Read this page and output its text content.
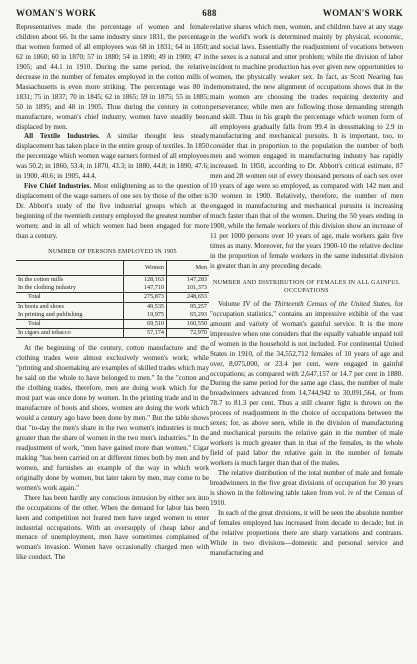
WOMAN'S WORK	688	WOMAN'S WORK

Representatives made the percentage of women and female children about 66. In the same industry since 1831, the percentage that women formed of all employees was 68 in 1831; 64 in 1850; 62 in 1860; 60 in 1870; 57 in 1880; 54 in 1890; 49 in 1900; 47 in 1905; and 44.1 in 1910. During the same period, the relative decrease in the number of females employed in the cotton mills of Massachusetts is even more striking. The percentage was 80 in 1831; 75 in 1837; 70 in 1845; 62 in 1865; 59 in 1875; 55 in 1885; 50 in 1895; and 48 in 1905. Thus during the century in cotton manufacture, woman's chief industry, women have steadily been displaced by men.

All Textile Industries. A similar thought less steady displacement has taken place in the entire group of textiles. In 1850 the percentage which women wage earners formed of all employees was 50.2; in 1860, 53.4; in 1870, 43.3; in 1880, 44.8; in 1890, 47.6; in 1900, 40.6; in 1905, 44.4.

Five Chief Industries. Most enlightening as to the question of displacement of the wage earners of one sex by those of the other is Dr. Abbott's study of the five industrial groups which at the beginning of the twentieth century employed the greatest number of women; and in all of which women had been engaged for more than a century.

NUMBER OF PERSONS EMPLOYED IN 1905
	Women	Men
In the cotton mills	128,163	147,283
In the clothing industry	147,710	101,373
Total	275,873	248,653
In boots and shoes	49,535	95,257
In printing and publishing	19,975	65,293
Total	69,510	160,550
In cigars and tobacco	57,174	72,970

At the beginning of the century, cotton manufacture and the clothing trades were almost exclusively women's work; while "printing and shoemaking are examples of skilled trades which may be said on the whole to have belonged to men." In the "cotton and the clothing trades, therefore, men are doing work which for the most part was once done by women. In the printing trade and in the manufacture of boots and shoes, women are doing the work which would a century ago have been done by men." But the table shows that "to-day the men's share in the two women's industries is much greater than the share of women in the two men's industries." In the readjustment of work, "men have gained more than women." Cigar making "has been carried on at different times both by men and by women, and furnishes an example of the way in which work originally done by women, but later taken by men, may come to be women's work again."

There has been hardly any conscious intrusion by either sex into the occupations of the other. When the demand for labor has been keen and competition not feared men have urged women to enter industrial occupations. With an oversupply of cheap labor and menace of unemployment, men have sometimes complained of woman's invasion. Women have occasionally charged men with like conduct. The

relative shares which men, women, and children have at any stage in the world's work is determined mainly by physical, economic, and social laws. Essentially the readjustment of vocations between the sexes is a natural and utter problem; while the division of labor incident to machine production has ever given new opportunities to women, the physically weaker sex. In fact, as Scott Nearing has demonstrated, the new alignment of occupations shows that in the main women are choosing the trades requiring dexterity and perseverance; while men are following those demanding strength and skill. Thus in his graph the percentage which women form of all employees gradually falls from 99.4 in dressmaking to 2.9 in manufacturing and mechanical pursuits. It is important, too, to consider that in proportion to the population the number of both men and women engaged in manufacturing industry has rapidly increased. In 1850, according to Dr. Abbott's critical estimate, 87 men and 28 women out of every thousand persons of each sex over 10 years of age were so employed, as compared with 142 men and 30 women in 1900. Relatively, therefore, the number of men engaged in manufacturing and mechanical pursuits is increasing much faster than that of the women. During the 50 years ending in 1900, while the female workers of this division show an increase of 11 per 1000 persons over 10 years of age, male workers gain five times as many. Moreover, for the years 1900-10 the relative decline in the proportion of female workers in the same industrial division is greater than in any preceding decade.

NUMBER AND DISTRIBUTION OF FEMALES IN ALL GAINFUL OCCUPATIONS

Volume IV of the Thirteenth Census of the United States, for "occupation statistics," contains an impressive exhibit of the vast amount and variety of woman's gainful service. It is the more impressive when one considers that the equally valuable unpaid toil of women in the household is not included. For continental United States in 1910, of the 34,552,712 females of 10 years of age and over, 8,075,000, or 23.4 per cent, were engaged in gainful occupations; as compared with 2,647,157 or 14.7 per cent in 1880. During the same period for the same age class, the number of male breadwinners advanced from 14,744,942 to 30,091,564, or from 78.7 to 81.3 per cent. Thus a still clearer light is thrown on the process of readjustment in the choice of occupations between the sexes; for, as above seen, while in the division of manufacturing and mechanical pursuits the relative gain in the number of male workers is much greater than in that of the females, in the whole field of paid labor the relative gain in the number of female workers is much larger than that of the males.

The relative distribution of the total number of male and female breadwinners in the five great divisions of occupation for 30 years is shown in the following table taken from vol. iv of the Census of 1910.

In each of the great divisions, it will be seen the absolute number of females employed has increased from decade to decade; but in the relative proportions there are sharp variations and contrasts. While in two divisions—domestic and personal service and manufacturing and
